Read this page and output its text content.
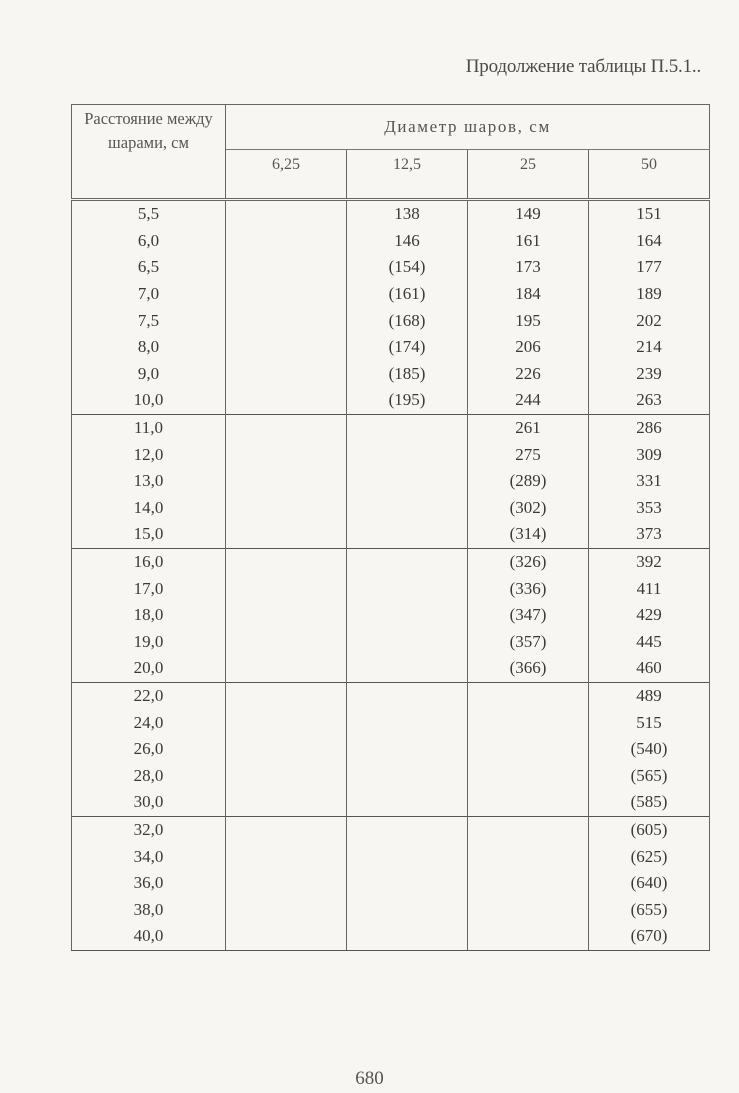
Продолжение таблицы П.5.1..
Расстояние между шарами, см	Диаметр шаров, см			
	6,25	12,5	25	50
5,5		138	149	151
6,0		146	161	164
6,5		(154)	173	177
7,0		(161)	184	189
7,5		(168)	195	202
8,0		(174)	206	214
9,0		(185)	226	239
10,0		(195)	244	263
11,0			261	286
12,0			275	309
13,0			(289)	331
14,0			(302)	353
15,0			(314)	373
16,0			(326)	392
17,0			(336)	411
18,0			(347)	429
19,0			(357)	445
20,0			(366)	460
22,0				489
24,0				515
26,0				(540)
28,0				(565)
30,0				(585)
32,0				(605)
34,0				(625)
36,0				(640)
38,0				(655)
40,0				(670)
680
